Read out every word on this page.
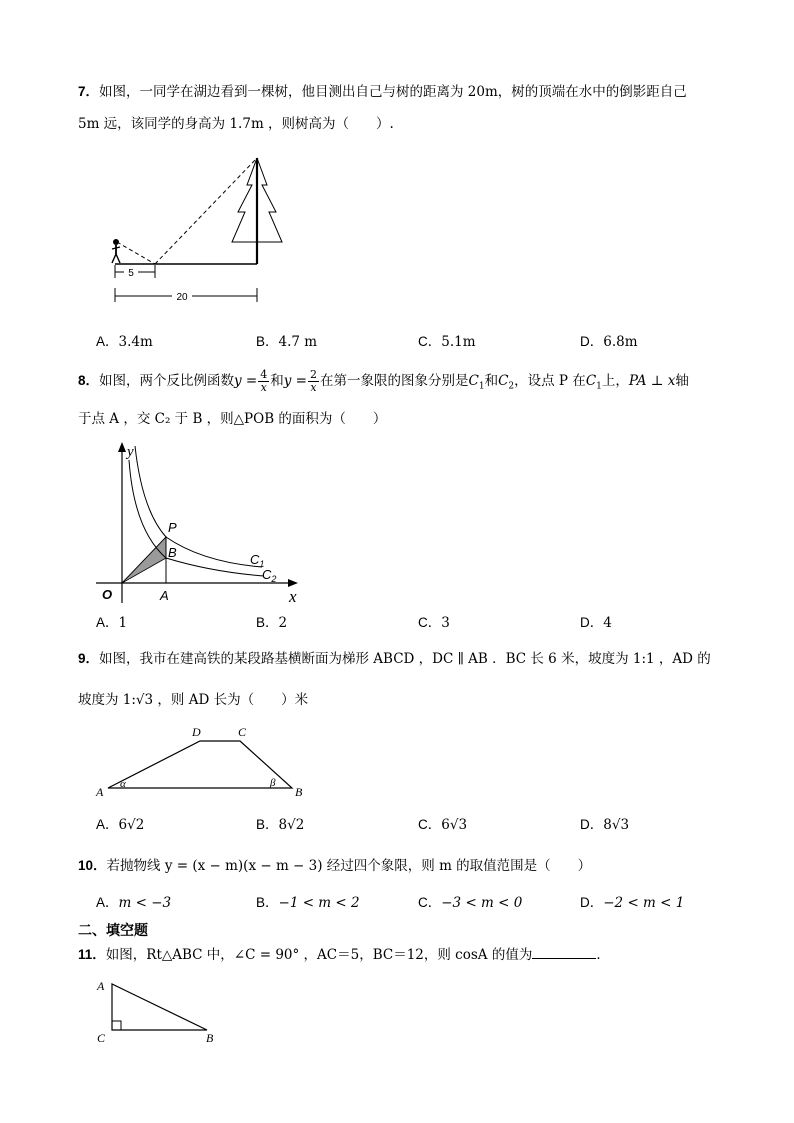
7．如图，一同学在湖边看到一棵树，他目测出自己与树的距离为 20m，树的顶端在水中的倒影距自己
5m 远，该同学的身高为 1.7m ，则树高为（　　）.
5
20
A．3.4m	B．4.7 m	C．5.1m	D．6.8m
8．如图，两个反比例函数$y = \frac{4}{x}$ 和$y = \frac{2}{x}$ 在第一象限的图象分别是$C_1$和$C_2$，设点 P 在$C_1$上，PA ⊥ x轴
于点 A ，交 C₂ 于 B ，则△POB 的面积为（　　）
y
x
O
P
B
A
$C_1$
$C_2$
A．1	B．2	C．3	D．4
9．如图，我市在建高铁的某段路基横断面为梯形 ABCD ，DC ∥ AB ．BC 长 6 米，坡度为 1:1 ，AD 的
坡度为 1:√3 ，则 AD 长为（　　）米
A	B
C
D
α	β
A．6√2	B．8√2	C．6√3	D．8√3
10．若抛物线 y = (x − m)(x − m − 3) 经过四个象限，则 m 的取值范围是（　　）
A．m < −3	B．−1 < m < 2	C．−3 < m < 0	D．−2 < m < 1
二、填空题
11．如图，Rt△ABC 中，∠C = 90° ，AC＝5，BC＝12，则 cosA 的值为	．
A
C	B
